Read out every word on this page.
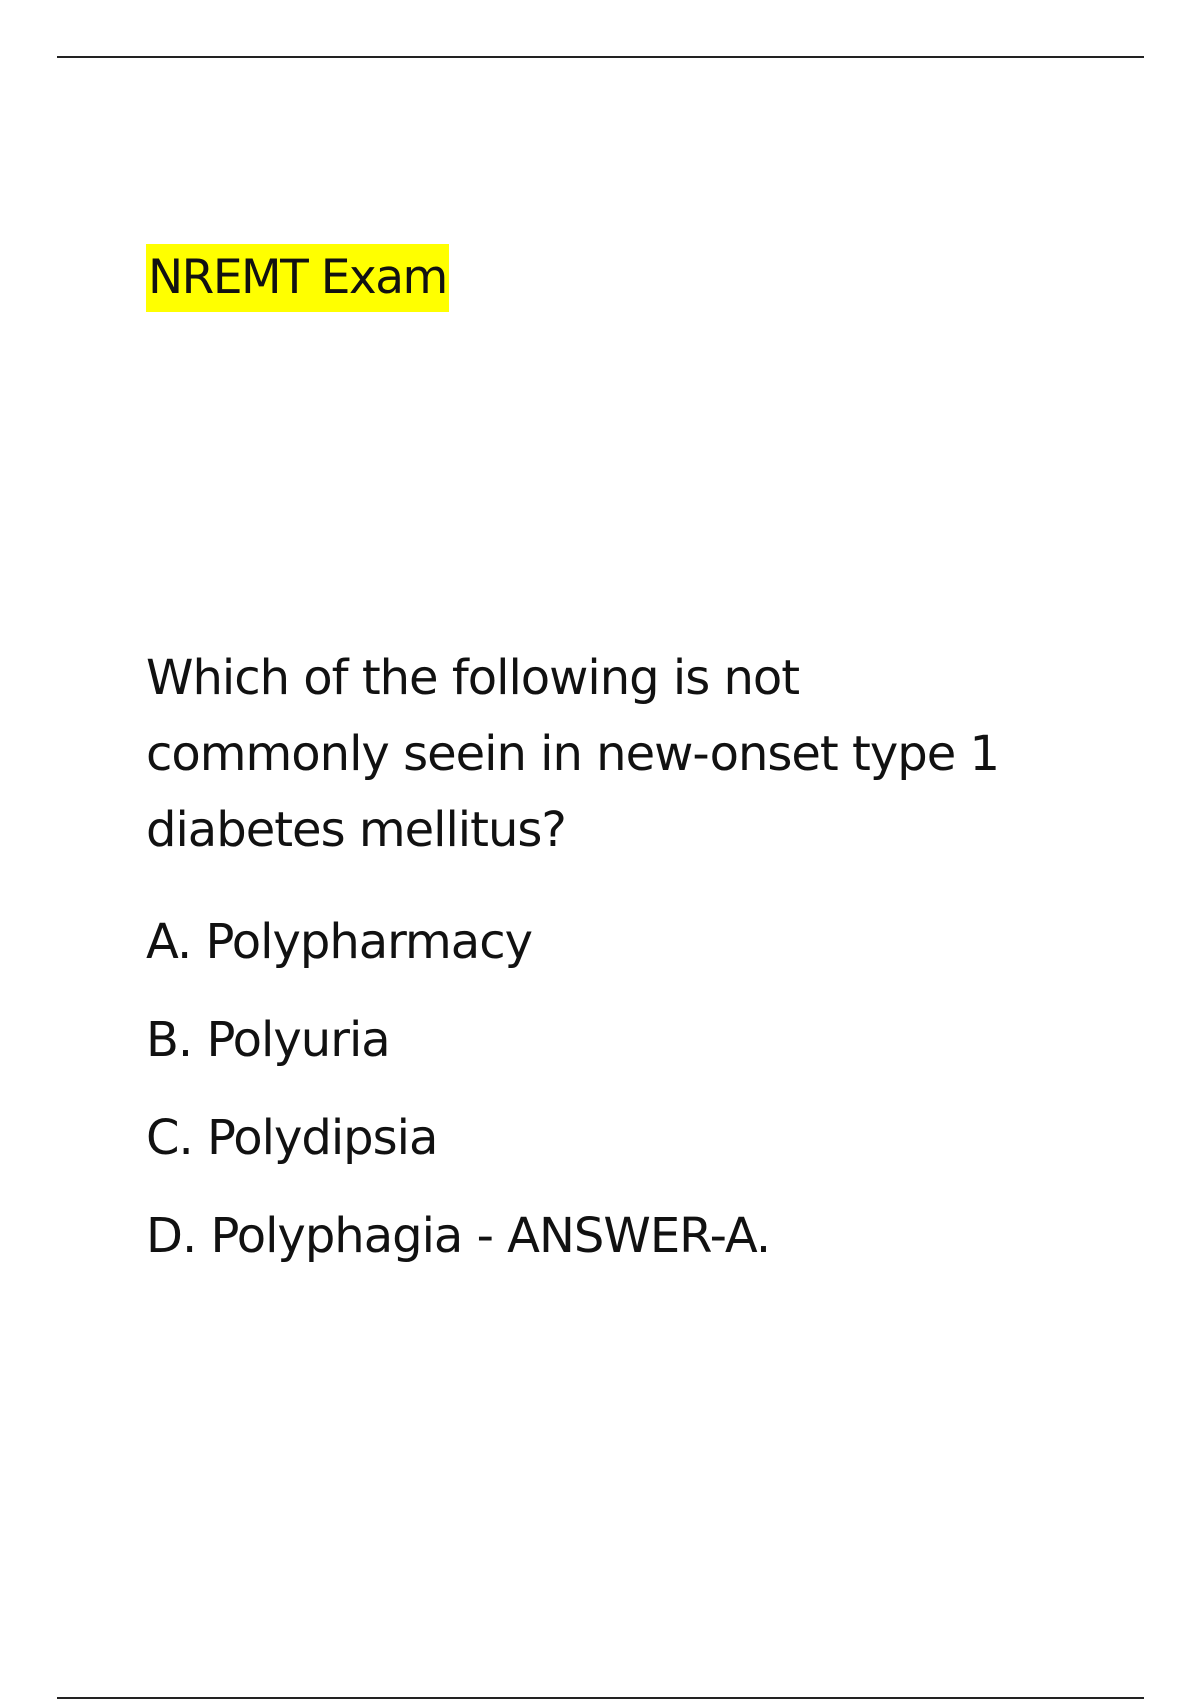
NREMT Exam

Which of the following is not commonly seein in new-onset type 1 diabetes mellitus?

A. Polypharmacy
B. Polyuria
C. Polydipsia
D. Polyphagia - ANSWER-A.
